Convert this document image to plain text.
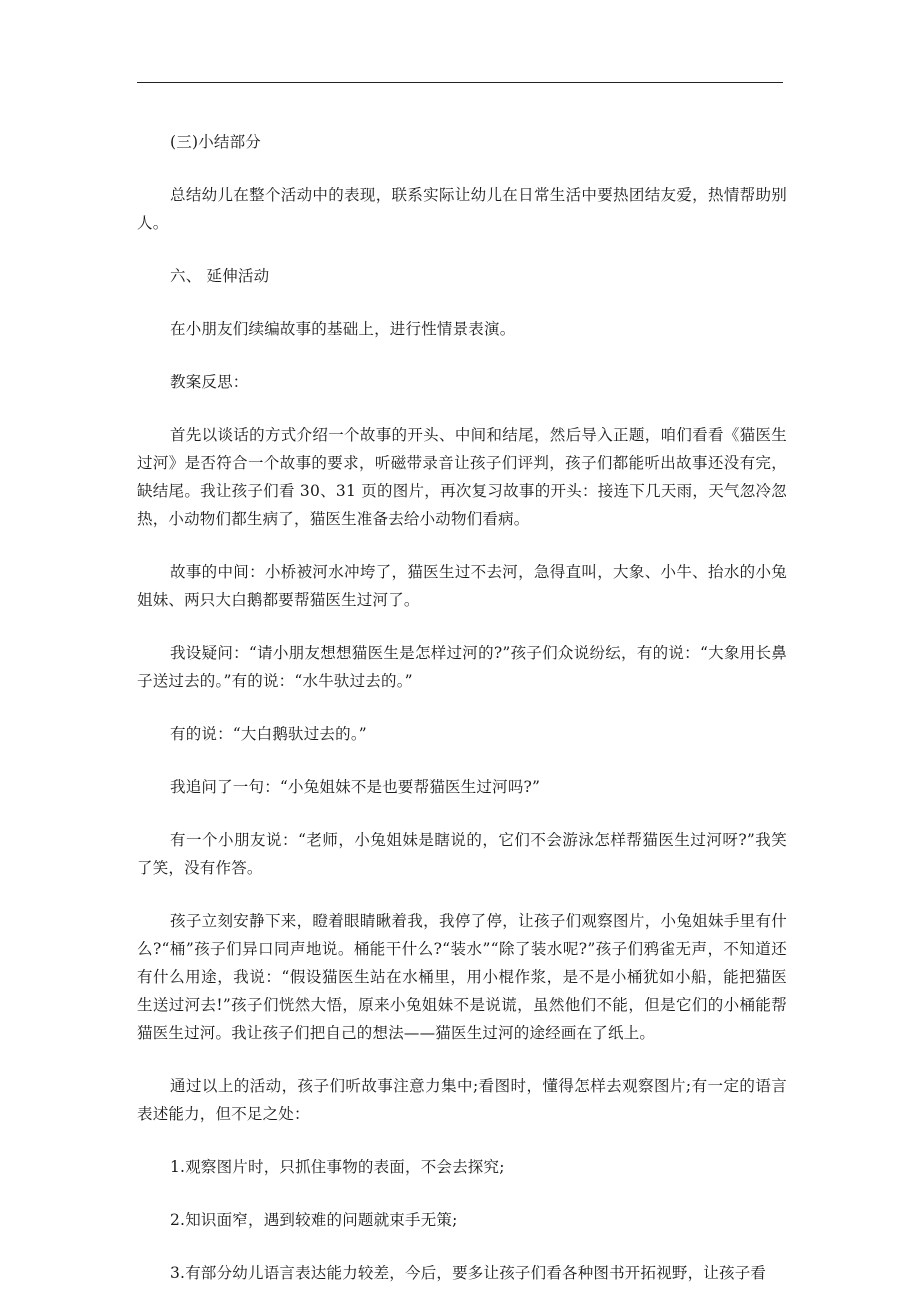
(三)小结部分

总结幼儿在整个活动中的表现，联系实际让幼儿在日常生活中要热团结友爱，热情帮助别人。

六、 延伸活动

在小朋友们续编故事的基础上，进行性情景表演。

教案反思：

首先以谈话的方式介绍一个故事的开头、中间和结尾，然后导入正题，咱们看看《猫医生过河》是否符合一个故事的要求，听磁带录音让孩子们评判，孩子们都能听出故事还没有完，缺结尾。我让孩子们看 30、31 页的图片，再次复习故事的开头：接连下几天雨，天气忽冷忽热，小动物们都生病了，猫医生准备去给小动物们看病。

故事的中间：小桥被河水冲垮了，猫医生过不去河，急得直叫，大象、小牛、抬水的小兔姐妹、两只大白鹅都要帮猫医生过河了。

我设疑问：“请小朋友想想猫医生是怎样过河的?”孩子们众说纷纭，有的说：“大象用长鼻子送过去的。”有的说：“水牛驮过去的。”

有的说：“大白鹅驮过去的。”

我追问了一句：“小兔姐妹不是也要帮猫医生过河吗?”

有一个小朋友说：“老师，小兔姐妹是瞎说的，它们不会游泳怎样帮猫医生过河呀?”我笑了笑，没有作答。

孩子立刻安静下来，瞪着眼睛瞅着我，我停了停，让孩子们观察图片，小兔姐妹手里有什么?“桶”孩子们异口同声地说。桶能干什么?“装水”“除了装水呢?”孩子们鸦雀无声，不知道还有什么用途，我说：“假设猫医生站在水桶里，用小棍作浆，是不是小桶犹如小船，能把猫医生送过河去!”孩子们恍然大悟，原来小兔姐妹不是说谎，虽然他们不能，但是它们的小桶能帮猫医生过河。我让孩子们把自己的想法——猫医生过河的途经画在了纸上。

通过以上的活动，孩子们听故事注意力集中;看图时，懂得怎样去观察图片;有一定的语言表述能力，但不足之处：

1.观察图片时，只抓住事物的表面，不会去探究;

2.知识面窄，遇到较难的问题就束手无策;

3.有部分幼儿语言表达能力较差，今后，要多让孩子们看各种图书开拓视野，让孩子看
